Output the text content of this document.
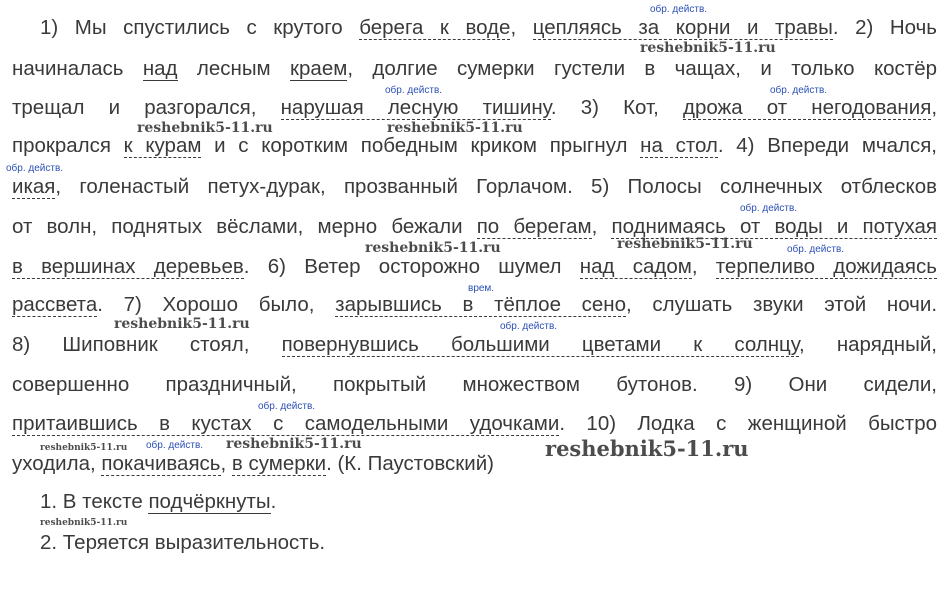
1) Мы спустились с крутого берега к воде, цепляясь за корни и травы. 2) Ночь
начиналась над лесным краем, долгие сумерки густели в чащах, и только костёр
трещал и разгорался, нарушая лесную тишину. 3) Кот, дрожа от негодования,
прокрался к курам и с коротким победным криком прыгнул на стол. 4) Впереди мчался,
икая, голенастый петух-дурак, прозванный Горлачом. 5) Полосы солнечных отблесков
от волн, поднятых вёслами, мерно бежали по берегам, поднимаясь от воды и потухая
в вершинах деревьев. 6) Ветер осторожно шумел над садом, терпеливо дожидаясь
рассвета. 7) Хорошо было, зарывшись в тёплое сено, слушать звуки этой ночи.
8) Шиповник стоял, повернувшись большими цветами к солнцу, нарядный,
совершенно праздничный, покрытый множеством бутонов. 9) Они сидели,
притаившись в кустах с самодельными удочками. 10) Лодка с женщиной быстро
уходила, покачиваясь, в сумерки. (К. Паустовский)
обр. действ.
обр. действ.	обр. действ.
обр. действ.
обр. действ.
обр. действ.
врем.
обр. действ.
обр. действ.
обр. действ.
reshebnik5-11.ru
reshebnik5-11.ru	reshebnik5-11.ru
reshebnik5-11.ru	reshebnik5-11.ru
reshebnik5-11.ru
reshebnik5-11.ru	reshebnik5-11.ru	reshebnik5-11.ru
reshebnik5-11.ru
1. В тексте подчёркнуты.
2. Теряется выразительность.
